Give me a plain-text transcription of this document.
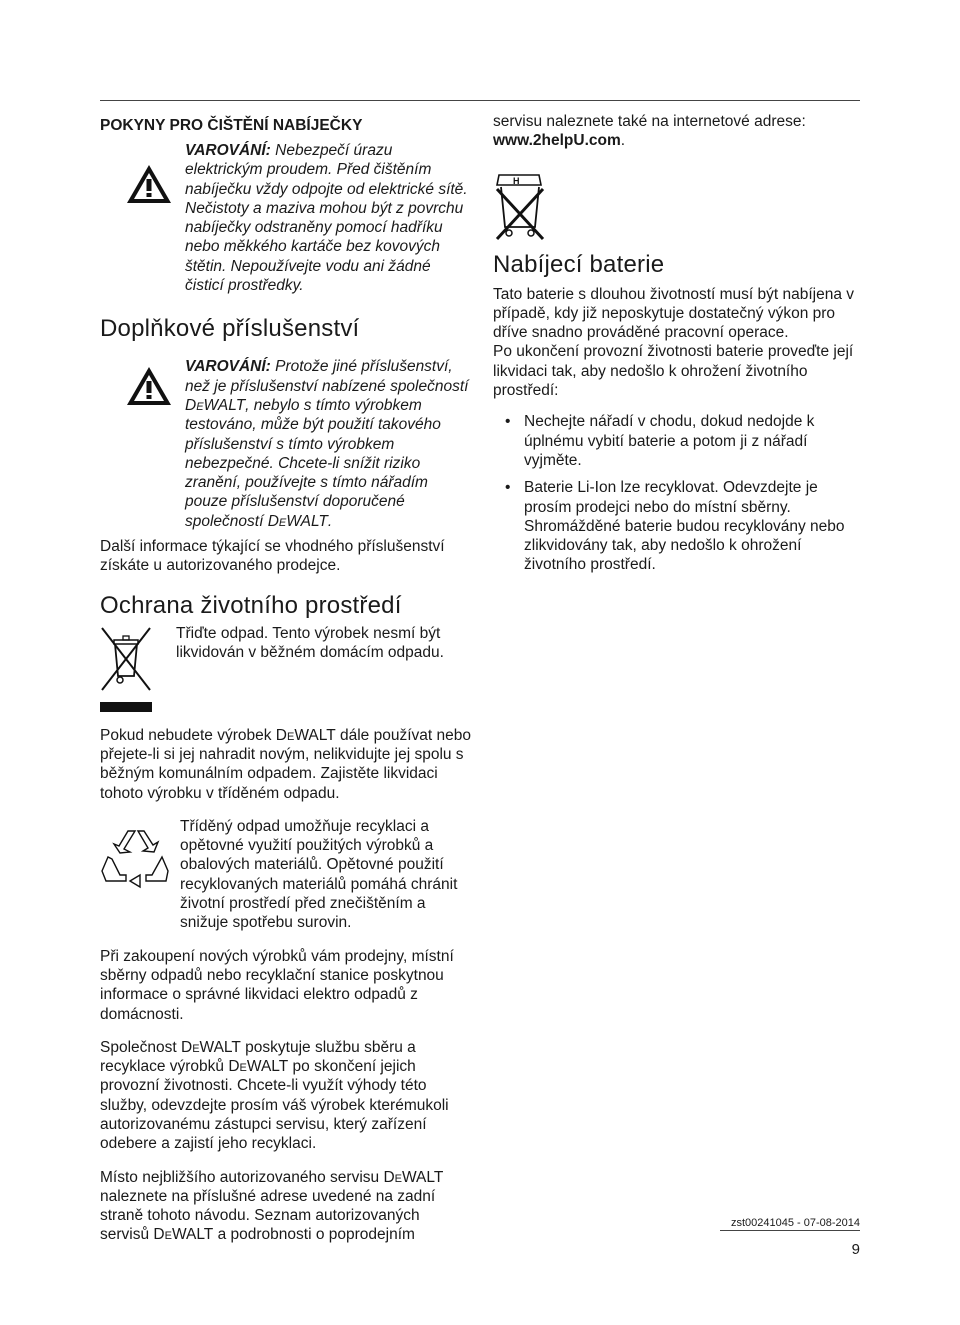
POKYNY PRO ČIŠTĚNÍ NABÍJEČKY

VAROVÁNÍ: Nebezpečí úrazu elektrickým proudem. Před čištěním nabíječku vždy odpojte od elektrické sítě. Nečistoty a maziva mohou být z povrchu nabíječky odstraněny pomocí hadříku nebo měkkého kartáče bez kovových štětin. Nepoužívejte vodu ani žádné čisticí prostředky.

Doplňkové příslušenství

VAROVÁNÍ: Protože jiné příslušenství, než je příslušenství nabízené společností DeWALT, nebylo s tímto výrobkem testováno, může být použití takového příslušenství s tímto výrobkem nebezpečné. Chcete-li snížit riziko zranění, používejte s tímto nářadím pouze příslušenství doporučené společností DeWALT.

Další informace týkající se vhodného příslušenství získáte u autorizovaného prodejce.

Ochrana životního prostředí

Třiďte odpad. Tento výrobek nesmí být likvidován v běžném domácím odpadu.

Pokud nebudete výrobek DeWALT dále používat nebo přejete-li si jej nahradit novým, nelikvidujte jej spolu s běžným komunálním odpadem. Zajistěte likvidaci tohoto výrobku v tříděném odpadu.

Tříděný odpad umožňuje recyklaci a opětovné využití použitých výrobků a obalových materiálů. Opětovné použití recyklovaných materiálů pomáhá chránit životní prostředí před znečištěním a snižuje spotřebu surovin.

Při zakoupení nových výrobků vám prodejny, místní sběrny odpadů nebo recyklační stanice poskytnou informace o správné likvidaci elektro odpadů z domácnosti.

Společnost DeWALT poskytuje službu sběru a recyklace výrobků DeWALT po skončení jejich provozní životnosti. Chcete-li využít výhody této služby, odevzdejte prosím váš výrobek kterémukoli autorizovanému zástupci servisu, který zařízení odebere a zajistí jeho recyklaci.

Místo nejbližšího autorizovaného servisu DeWALT naleznete na příslušné adrese uvedené na zadní straně tohoto návodu. Seznam autorizovaných servisů DeWALT a podrobnosti o poprodejním

servisu naleznete také na internetové adrese: www.2helpU.com.

H
Nabíjecí baterie

Tato baterie s dlouhou životností musí být nabíjena v případě, kdy již neposkytuje dostatečný výkon pro dříve snadno prováděné pracovní operace.

Po ukončení provozní životnosti baterie proveďte její likvidaci tak, aby nedošlo k ohrožení životního prostředí:

• Nechejte nářadí v chodu, dokud nedojde k úplnému vybití baterie a potom ji z nářadí vyjměte.
• Baterie Li-Ion lze recyklovat. Odevzdejte je prosím prodejci nebo do místní sběrny. Shromážděné baterie budou recyklovány nebo zlikvidovány tak, aby nedošlo k ohrožení životního prostředí.
zst00241045 - 07-08-2014
9
